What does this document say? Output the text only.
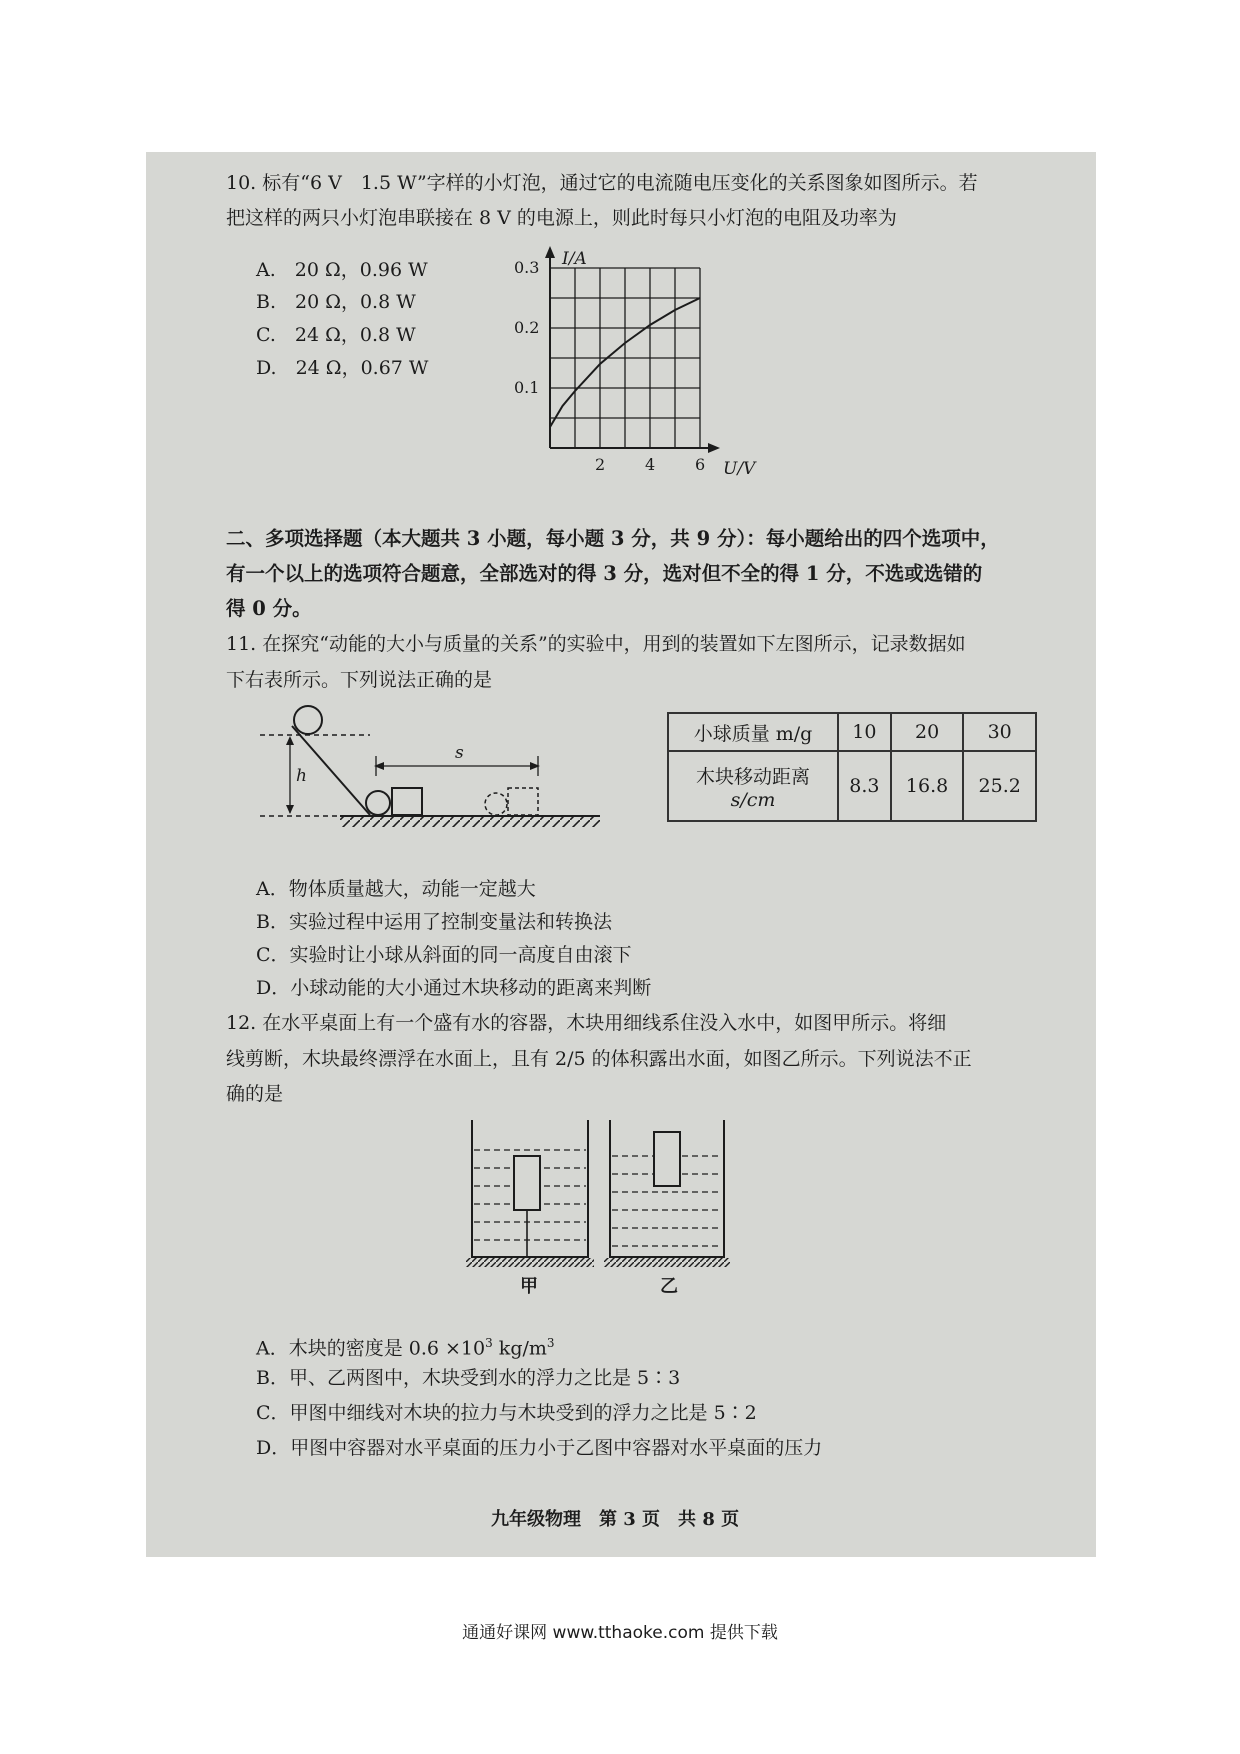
10. 标有“6 V　1.5 W”字样的小灯泡，通过它的电流随电压变化的关系图象如图所示。若
把这样的两只小灯泡串联接在 8 V 的电源上，则此时每只小灯泡的电阻及功率为
A.　20 Ω，0.96 W
B.　20 Ω，0.8 W
C.　24 Ω，0.8 W
D.　24 Ω，0.67 W
I/A
U/V
2 4 6
0.1
0.2
0.3
二、多项选择题（本大题共 3 小题，每小题 3 分，共 9 分）：每小题给出的四个选项中，
有一个以上的选项符合题意，全部选对的得 3 分，选对但不全的得 1 分，不选或选错的
得 0 分。
11. 在探究“动能的大小与质量的关系”的实验中，用到的装置如下左图所示，记录数据如
下右表所示。下列说法正确的是
h
s
小球质量 m/g	10	20	30

木块移动距离
s/cm	8.3	16.8	25.2
A．物体质量越大，动能一定越大
B．实验过程中运用了控制变量法和转换法
C．实验时让小球从斜面的同一高度自由滚下
D．小球动能的大小通过木块移动的距离来判断
12. 在水平桌面上有一个盛有水的容器，木块用细线系住没入水中，如图甲所示。将细
线剪断，木块最终漂浮在水面上，且有 2/5 的体积露出水面，如图乙所示。下列说法不正
确的是
甲	乙
A．木块的密度是 $0.6 \times 10^3$ $kg/m^3$
B．甲、乙两图中，木块受到水的浮力之比是 5∶3
C．甲图中细线对木块的拉力与木块受到的浮力之比是 5∶2
D．甲图中容器对水平桌面的压力小于乙图中容器对水平桌面的压力
九年级物理　第 3 页　共 8 页
通通好课网 www.tthaoke.com 提供下载
